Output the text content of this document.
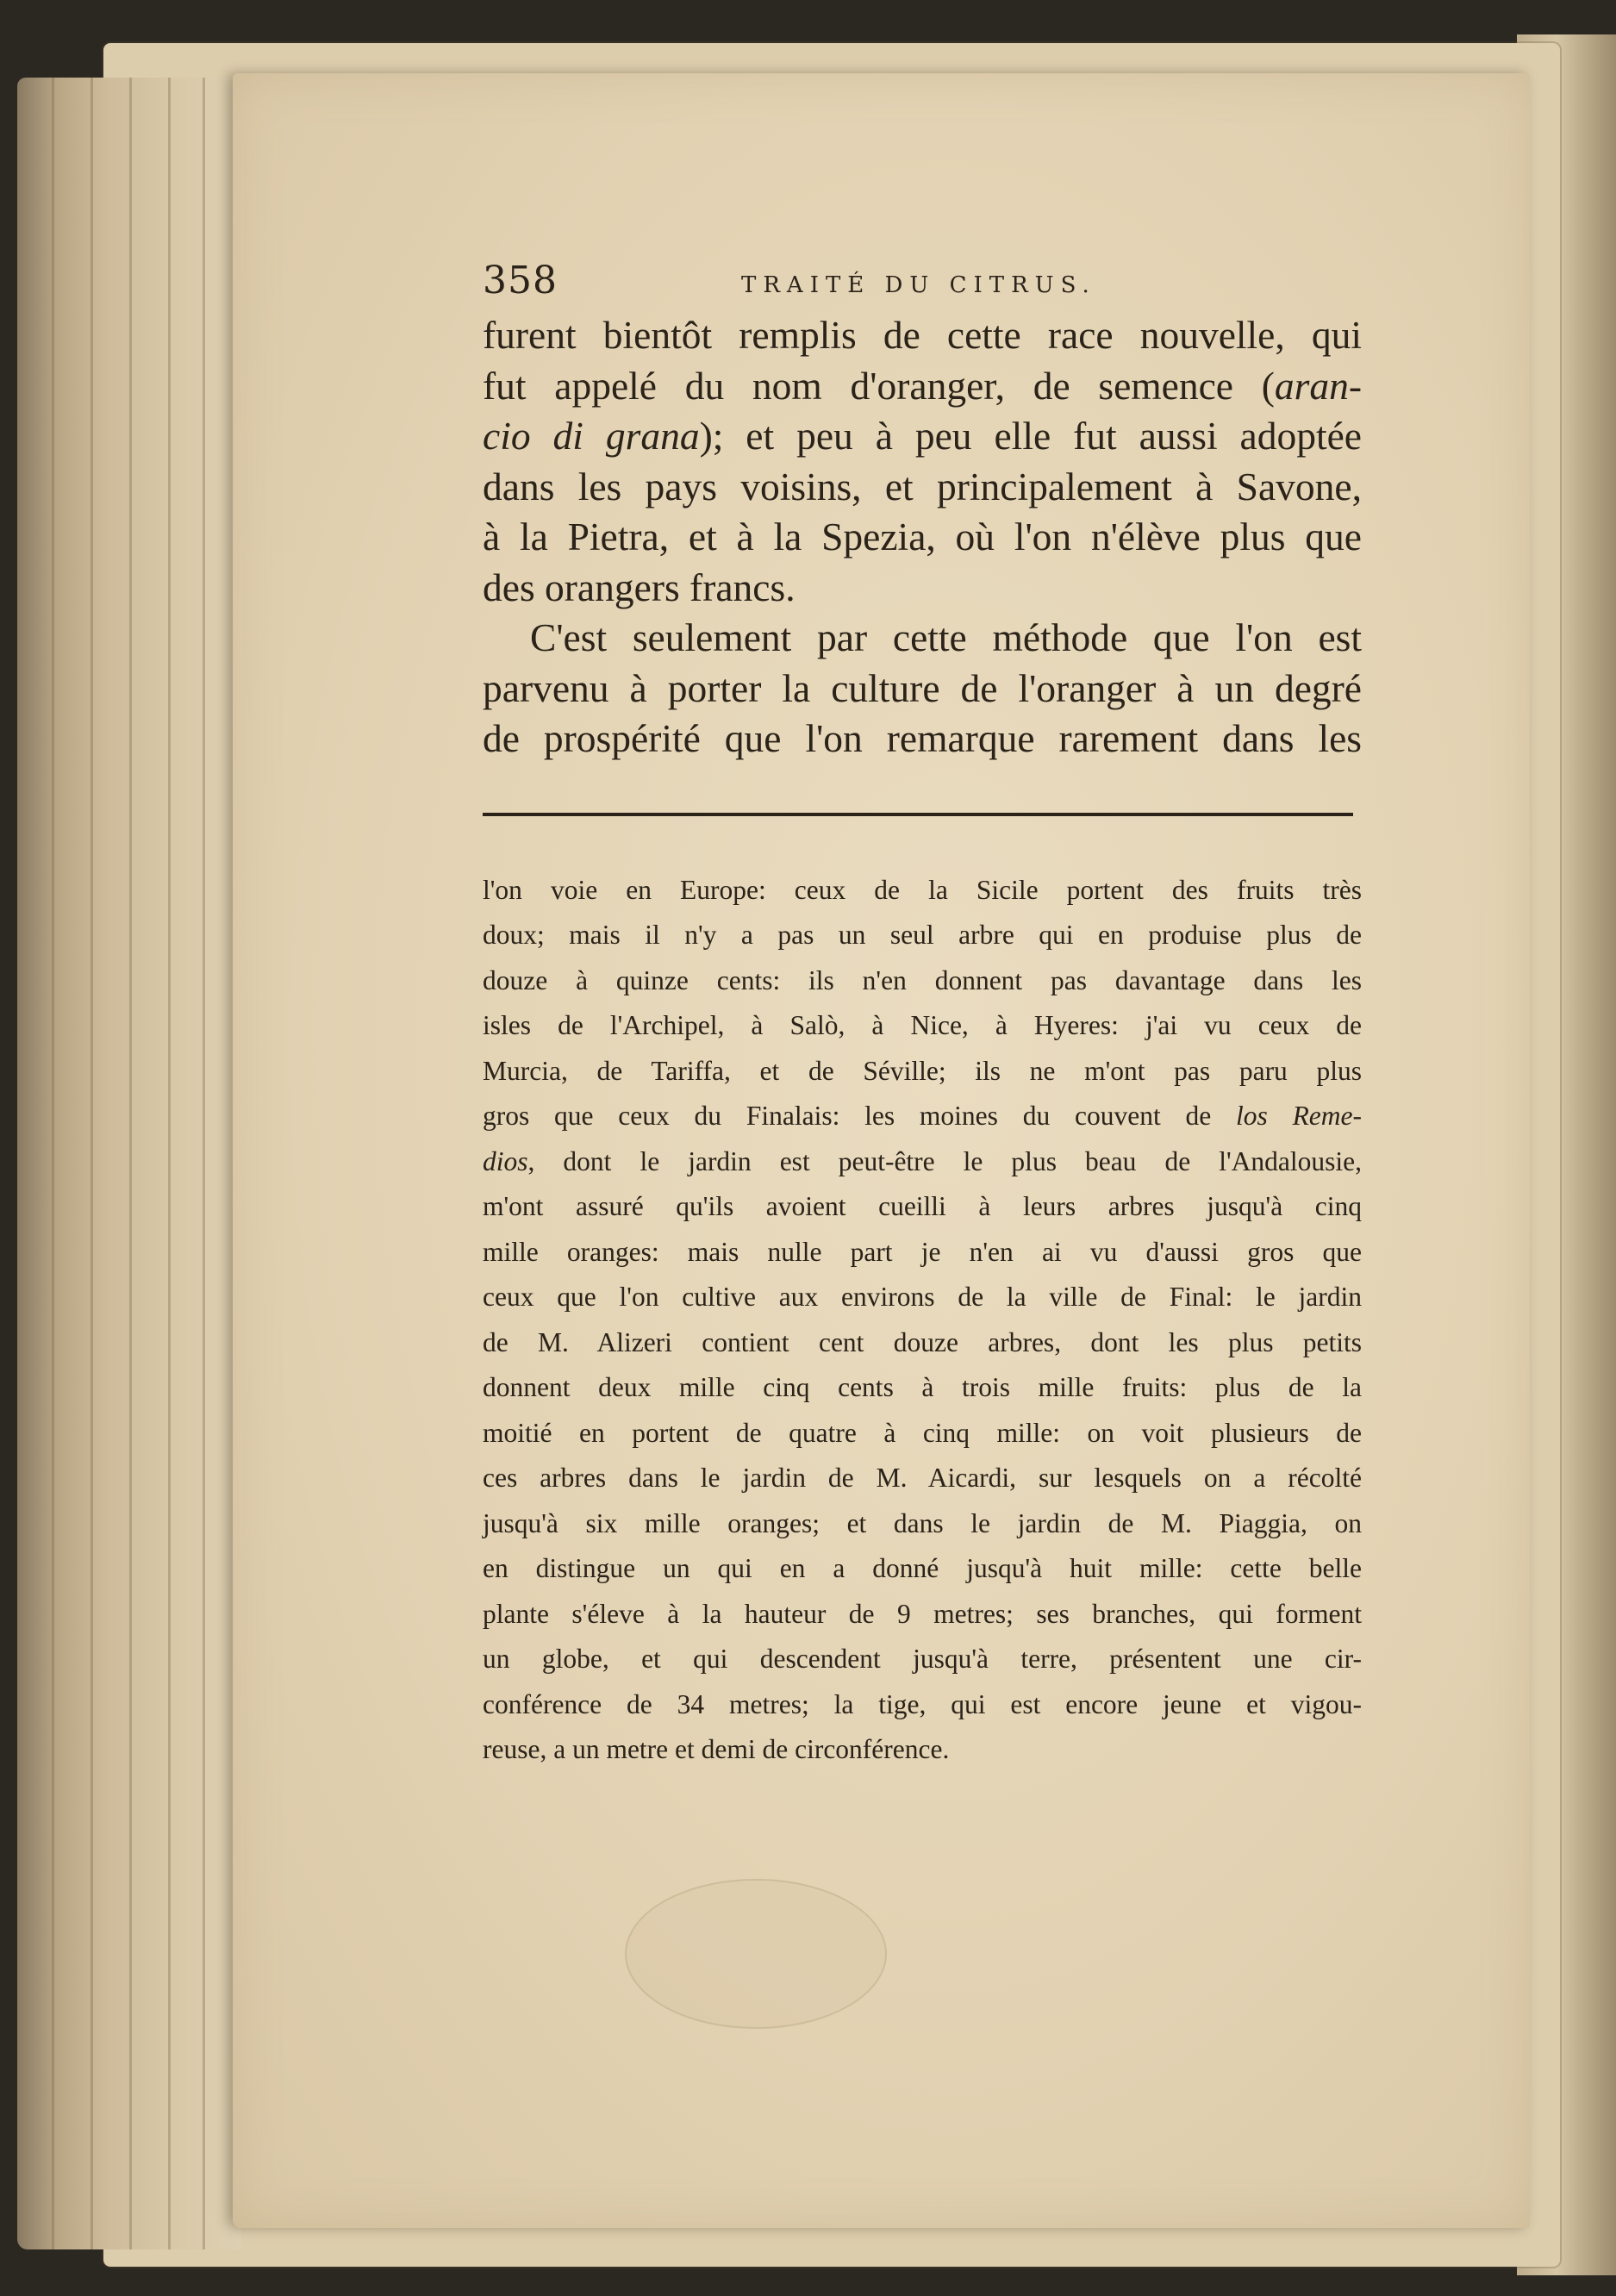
358	TRAITÉ DU CITRUS.
furent bientôt remplis de cette race nouvelle, qui
fut appelé du nom d'oranger, de semence (aran-
cio di grana); et peu à peu elle fut aussi adoptée
dans les pays voisins, et principalement à Savone,
à la Pietra, et à la Spezia, où l'on n'élève plus que
des orangers francs.
C'est seulement par cette méthode que l'on est
parvenu à porter la culture de l'oranger à un degré
de prospérité que l'on remarque rarement dans les
l'on voie en Europe: ceux de la Sicile portent des fruits très
doux; mais il n'y a pas un seul arbre qui en produise plus de
douze à quinze cents: ils n'en donnent pas davantage dans les
isles de l'Archipel, à Salò, à Nice, à Hyeres: j'ai vu ceux de
Murcia, de Tariffa, et de Séville; ils ne m'ont pas paru plus
gros que ceux du Finalais: les moines du couvent de los Reme-
dios, dont le jardin est peut-être le plus beau de l'Andalousie,
m'ont assuré qu'ils avoient cueilli à leurs arbres jusqu'à cinq
mille oranges: mais nulle part je n'en ai vu d'aussi gros que
ceux que l'on cultive aux environs de la ville de Final: le jardin
de M. Alizeri contient cent douze arbres, dont les plus petits
donnent deux mille cinq cents à trois mille fruits: plus de la
moitié en portent de quatre à cinq mille: on voit plusieurs de
ces arbres dans le jardin de M. Aicardi, sur lesquels on a récolté
jusqu'à six mille oranges; et dans le jardin de M. Piaggia, on
en distingue un qui en a donné jusqu'à huit mille: cette belle
plante s'éleve à la hauteur de 9 metres; ses branches, qui forment
un globe, et qui descendent jusqu'à terre, présentent une cir-
conférence de 34 metres; la tige, qui est encore jeune et vigou-
reuse, a un metre et demi de circonférence.
